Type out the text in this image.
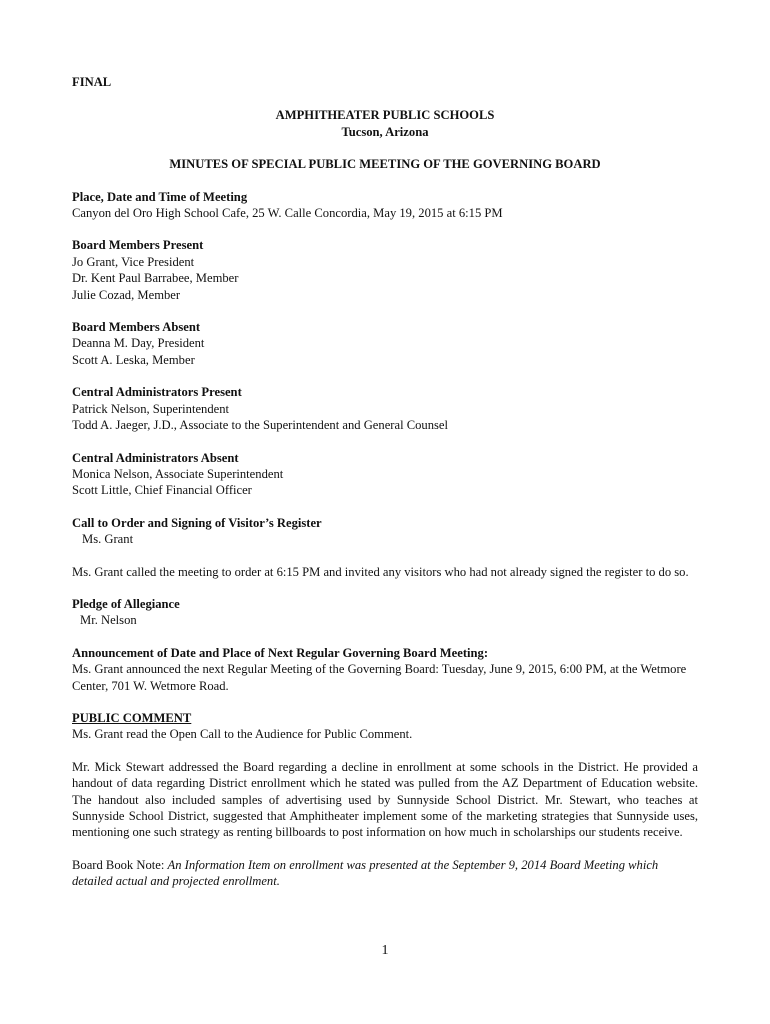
FINAL
AMPHITHEATER PUBLIC SCHOOLS
Tucson, Arizona
MINUTES OF SPECIAL PUBLIC MEETING OF THE GOVERNING BOARD
Place, Date and Time of Meeting
Canyon del Oro High School Cafe, 25 W. Calle Concordia, May 19, 2015 at 6:15 PM
Board Members Present
Jo Grant, Vice President
Dr. Kent Paul Barrabee, Member
Julie Cozad, Member
Board Members Absent
Deanna M. Day, President
Scott A. Leska, Member
Central Administrators Present
Patrick Nelson, Superintendent
Todd A. Jaeger, J.D., Associate to the Superintendent and General Counsel
Central Administrators Absent
Monica Nelson, Associate Superintendent
Scott Little, Chief Financial Officer
Call to Order and Signing of Visitor’s Register
Ms. Grant
Ms. Grant called the meeting to order at 6:15 PM and invited any visitors who had not already signed the register to do so.
Pledge of Allegiance
Mr. Nelson
Announcement of Date and Place of Next Regular Governing Board Meeting:
Ms. Grant announced the next Regular Meeting of the Governing Board: Tuesday, June 9, 2015, 6:00 PM, at the Wetmore Center, 701 W. Wetmore Road.
PUBLIC COMMENT
Ms. Grant read the Open Call to the Audience for Public Comment.
Mr. Mick Stewart addressed the Board regarding a decline in enrollment at some schools in the District. He provided a handout of data regarding District enrollment which he stated was pulled from the AZ Department of Education website. The handout also included samples of advertising used by Sunnyside School District. Mr. Stewart, who teaches at Sunnyside School District, suggested that Amphitheater implement some of the marketing strategies that Sunnyside uses, mentioning one such strategy as renting billboards to post information on how much in scholarships our students receive.
Board Book Note: An Information Item on enrollment was presented at the September 9, 2014 Board Meeting which detailed actual and projected enrollment.
1
